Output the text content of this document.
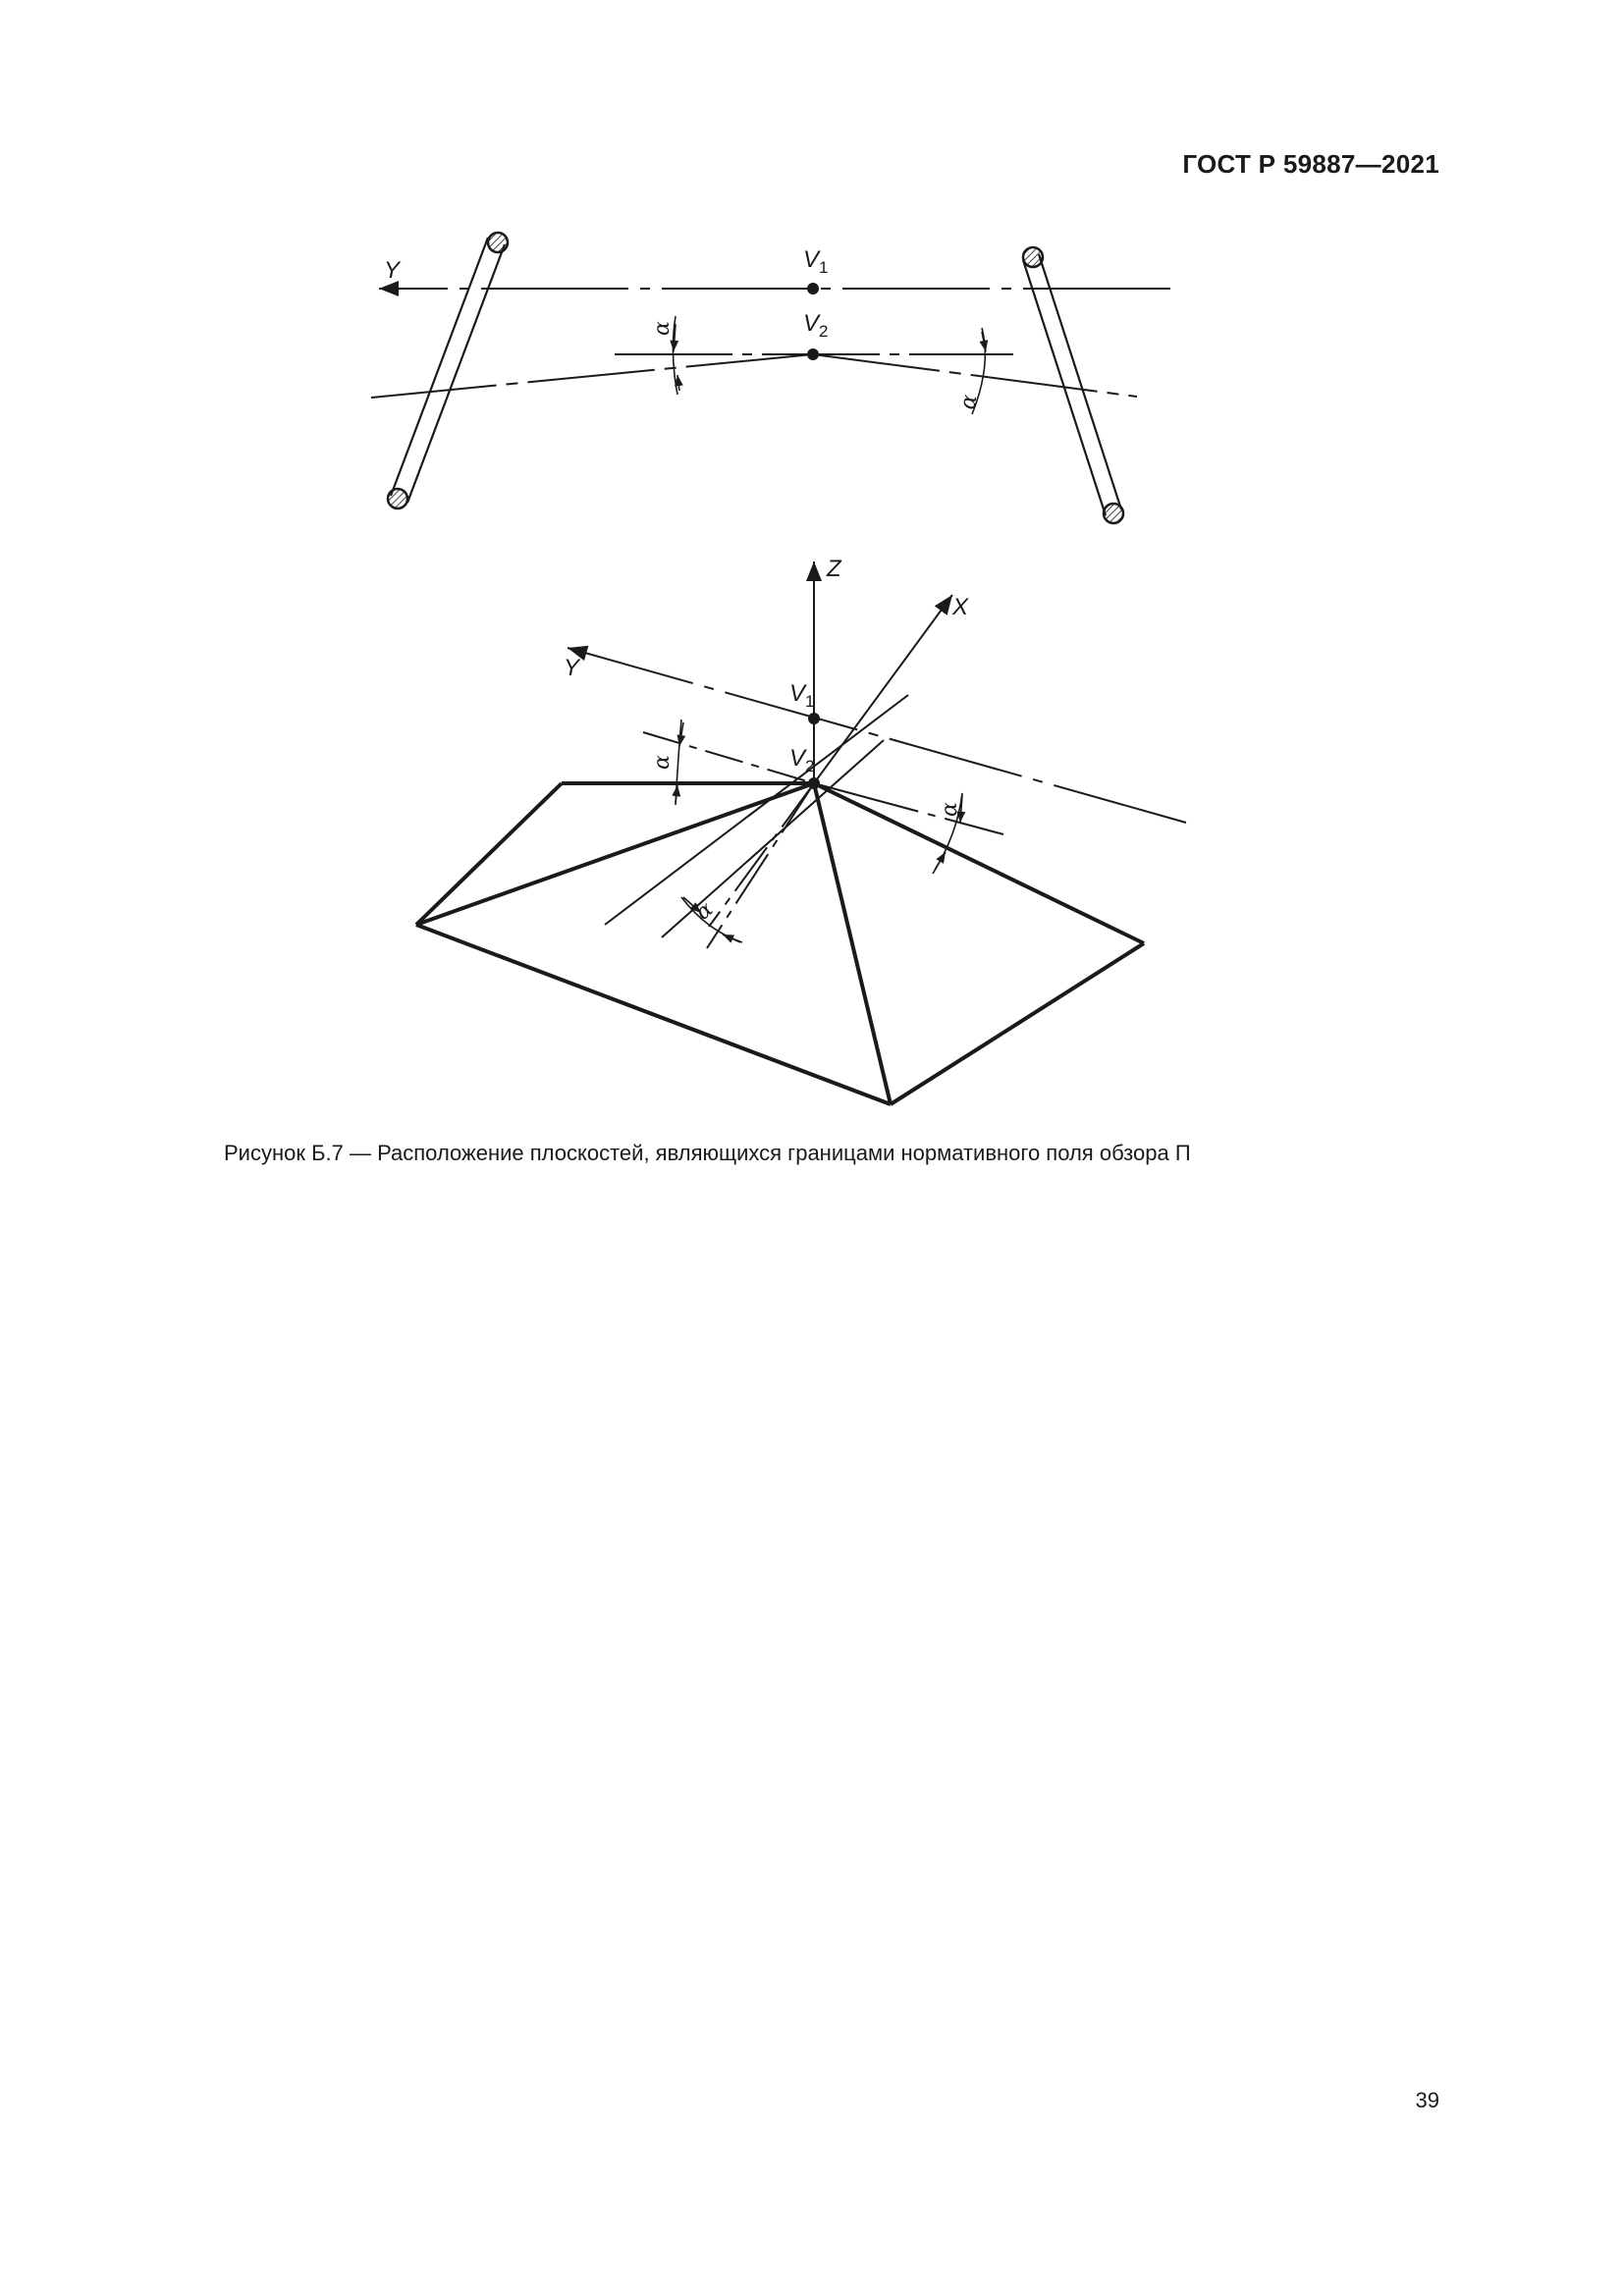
ГОСТ Р 59887—2021
Y	$V_1$
$V_2$
α
α
Z
X
Y
$V_1$
$V_2$
α
α
α
Рисунок Б.7 — Расположение плоскостей, являющихся границами нормативного поля обзора П
39
